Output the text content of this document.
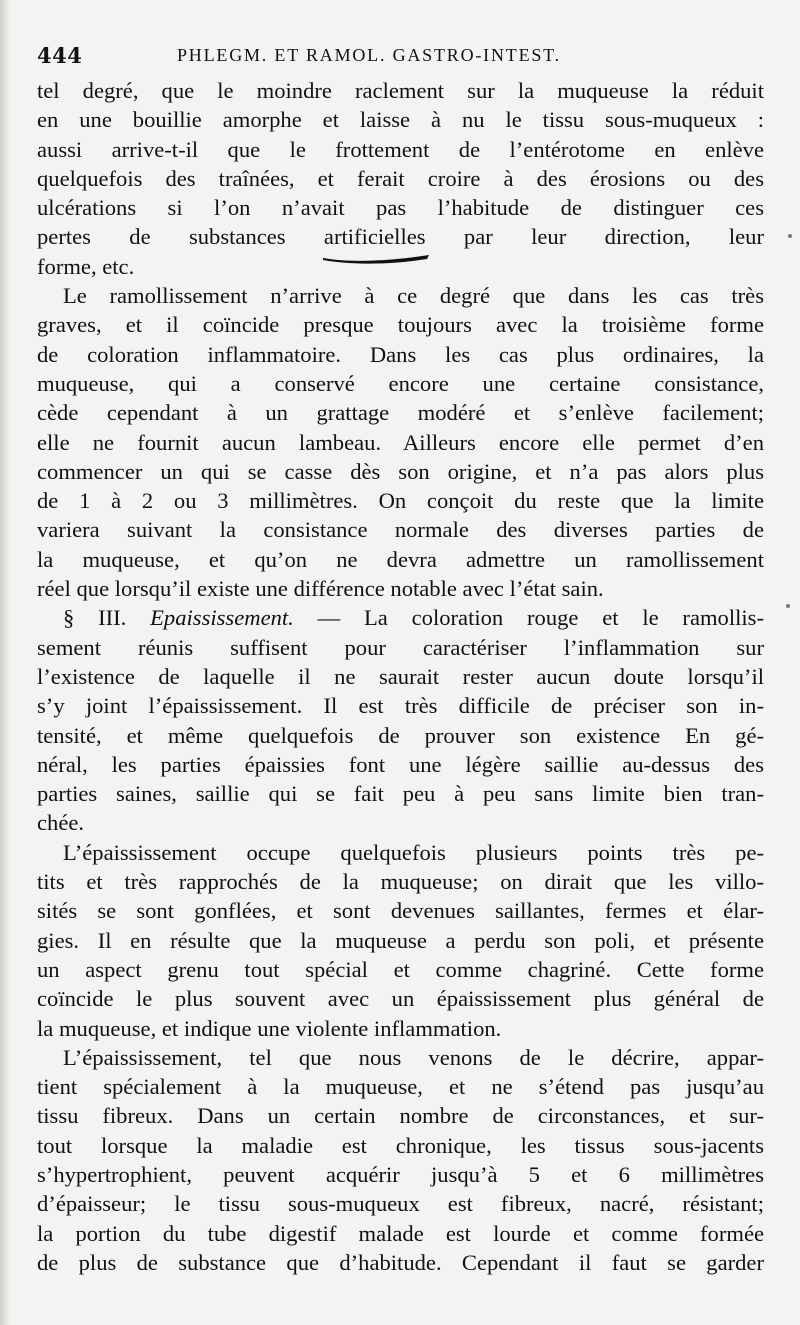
444	PHLEGM. ET RAMOL. GASTRO-INTEST.
tel degré, que le moindre raclement sur la muqueuse la réduit
en une bouillie amorphe et laisse à nu le tissu sous-muqueux :
aussi arrive-t-il que le frottement de l’entérotome en enlève
quelquefois des traînées, et ferait croire à des érosions ou des
ulcérations si l’on n’avait pas l’habitude de distinguer ces
pertes de substances artificielles par leur direction, leur
forme, etc.
Le ramollissement n’arrive à ce degré que dans les cas très
graves, et il coïncide presque toujours avec la troisième forme
de coloration inflammatoire. Dans les cas plus ordinaires, la
muqueuse, qui a conservé encore une certaine consistance,
cède cependant à un grattage modéré et s’enlève facilement;
elle ne fournit aucun lambeau. Ailleurs encore elle permet d’en
commencer un qui se casse dès son origine, et n’a pas alors plus
de 1 à 2 ou 3 millimètres. On conçoit du reste que la limite
variera suivant la consistance normale des diverses parties de
la muqueuse, et qu’on ne devra admettre un ramollissement
réel que lorsqu’il existe une différence notable avec l’état sain.
§ III. Epaississement. — La coloration rouge et le ramollis-
sement réunis suffisent pour caractériser l’inflammation sur
l’existence de laquelle il ne saurait rester aucun doute lorsqu’il
s’y joint l’épaississement. Il est très difficile de préciser son in-
tensité, et même quelquefois de prouver son existence En gé-
néral, les parties épaissies font une légère saillie au-dessus des
parties saines, saillie qui se fait peu à peu sans limite bien tran-
chée.
L’épaississement occupe quelquefois plusieurs points très pe-
tits et très rapprochés de la muqueuse; on dirait que les villo-
sités se sont gonflées, et sont devenues saillantes, fermes et élar-
gies. Il en résulte que la muqueuse a perdu son poli, et présente
un aspect grenu tout spécial et comme chagriné. Cette forme
coïncide le plus souvent avec un épaississement plus général de
la muqueuse, et indique une violente inflammation.
L’épaississement, tel que nous venons de le décrire, appar-
tient spécialement à la muqueuse, et ne s’étend pas jusqu’au
tissu fibreux. Dans un certain nombre de circonstances, et sur-
tout lorsque la maladie est chronique, les tissus sous-jacents
s’hypertrophient, peuvent acquérir jusqu’à 5 et 6 millimètres
d’épaisseur; le tissu sous-muqueux est fibreux, nacré, résistant;
la portion du tube digestif malade est lourde et comme formée
de plus de substance que d’habitude. Cependant il faut se garder
